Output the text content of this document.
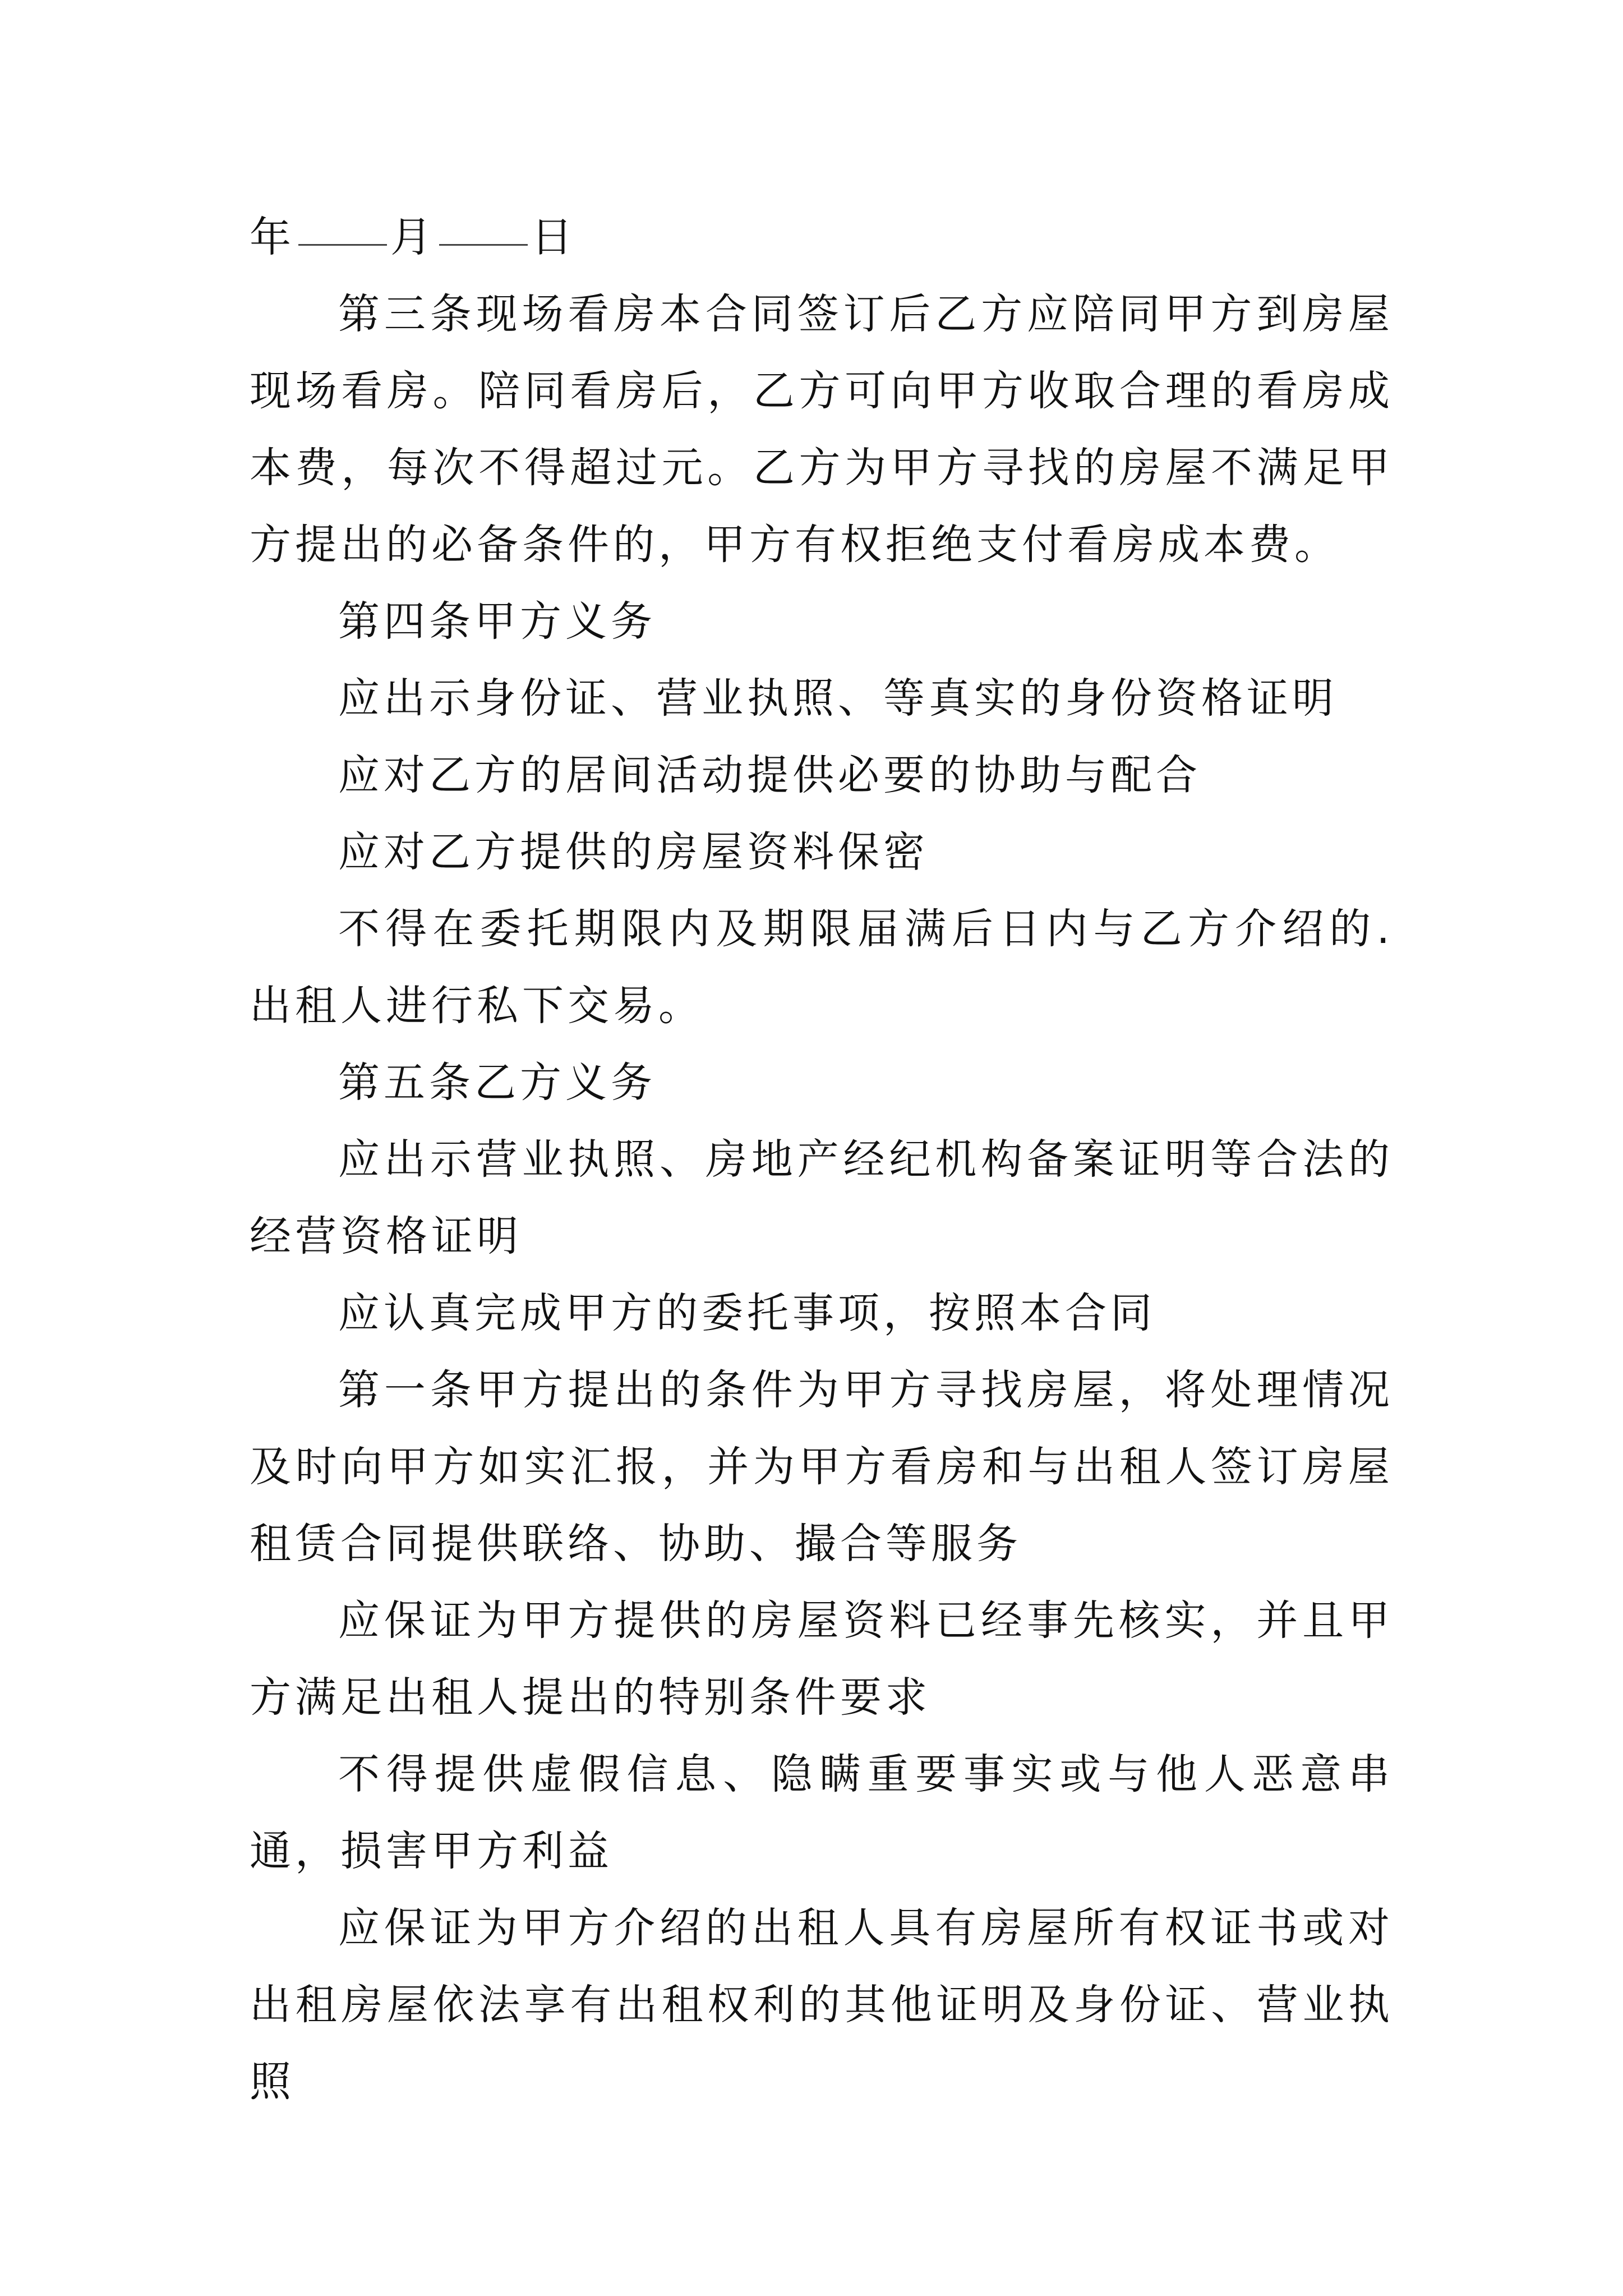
年 月 日

第三条现场看房本合同签订后乙方应陪同甲方到房屋现场看房。陪同看房后，乙方可向甲方收取合理的看房成本费，每次不得超过元。乙方为甲方寻找的房屋不满足甲方提出的必备条件的，甲方有权拒绝支付看房成本费。

第四条甲方义务

应出示身份证、营业执照、等真实的身份资格证明

应对乙方的居间活动提供必要的协助与配合

应对乙方提供的房屋资料保密

不得在委托期限内及期限届满后日内与乙方介绍的.出租人进行私下交易。

第五条乙方义务

应出示营业执照、房地产经纪机构备案证明等合法的经营资格证明

应认真完成甲方的委托事项，按照本合同

第一条甲方提出的条件为甲方寻找房屋，将处理情况及时向甲方如实汇报，并为甲方看房和与出租人签订房屋租赁合同提供联络、协助、撮合等服务

应保证为甲方提供的房屋资料已经事先核实，并且甲方满足出租人提出的特别条件要求

不得提供虚假信息、隐瞒重要事实或与他人恶意串通，损害甲方利益

应保证为甲方介绍的出租人具有房屋所有权证书或对出租房屋依法享有出租权利的其他证明及身份证、营业执照
